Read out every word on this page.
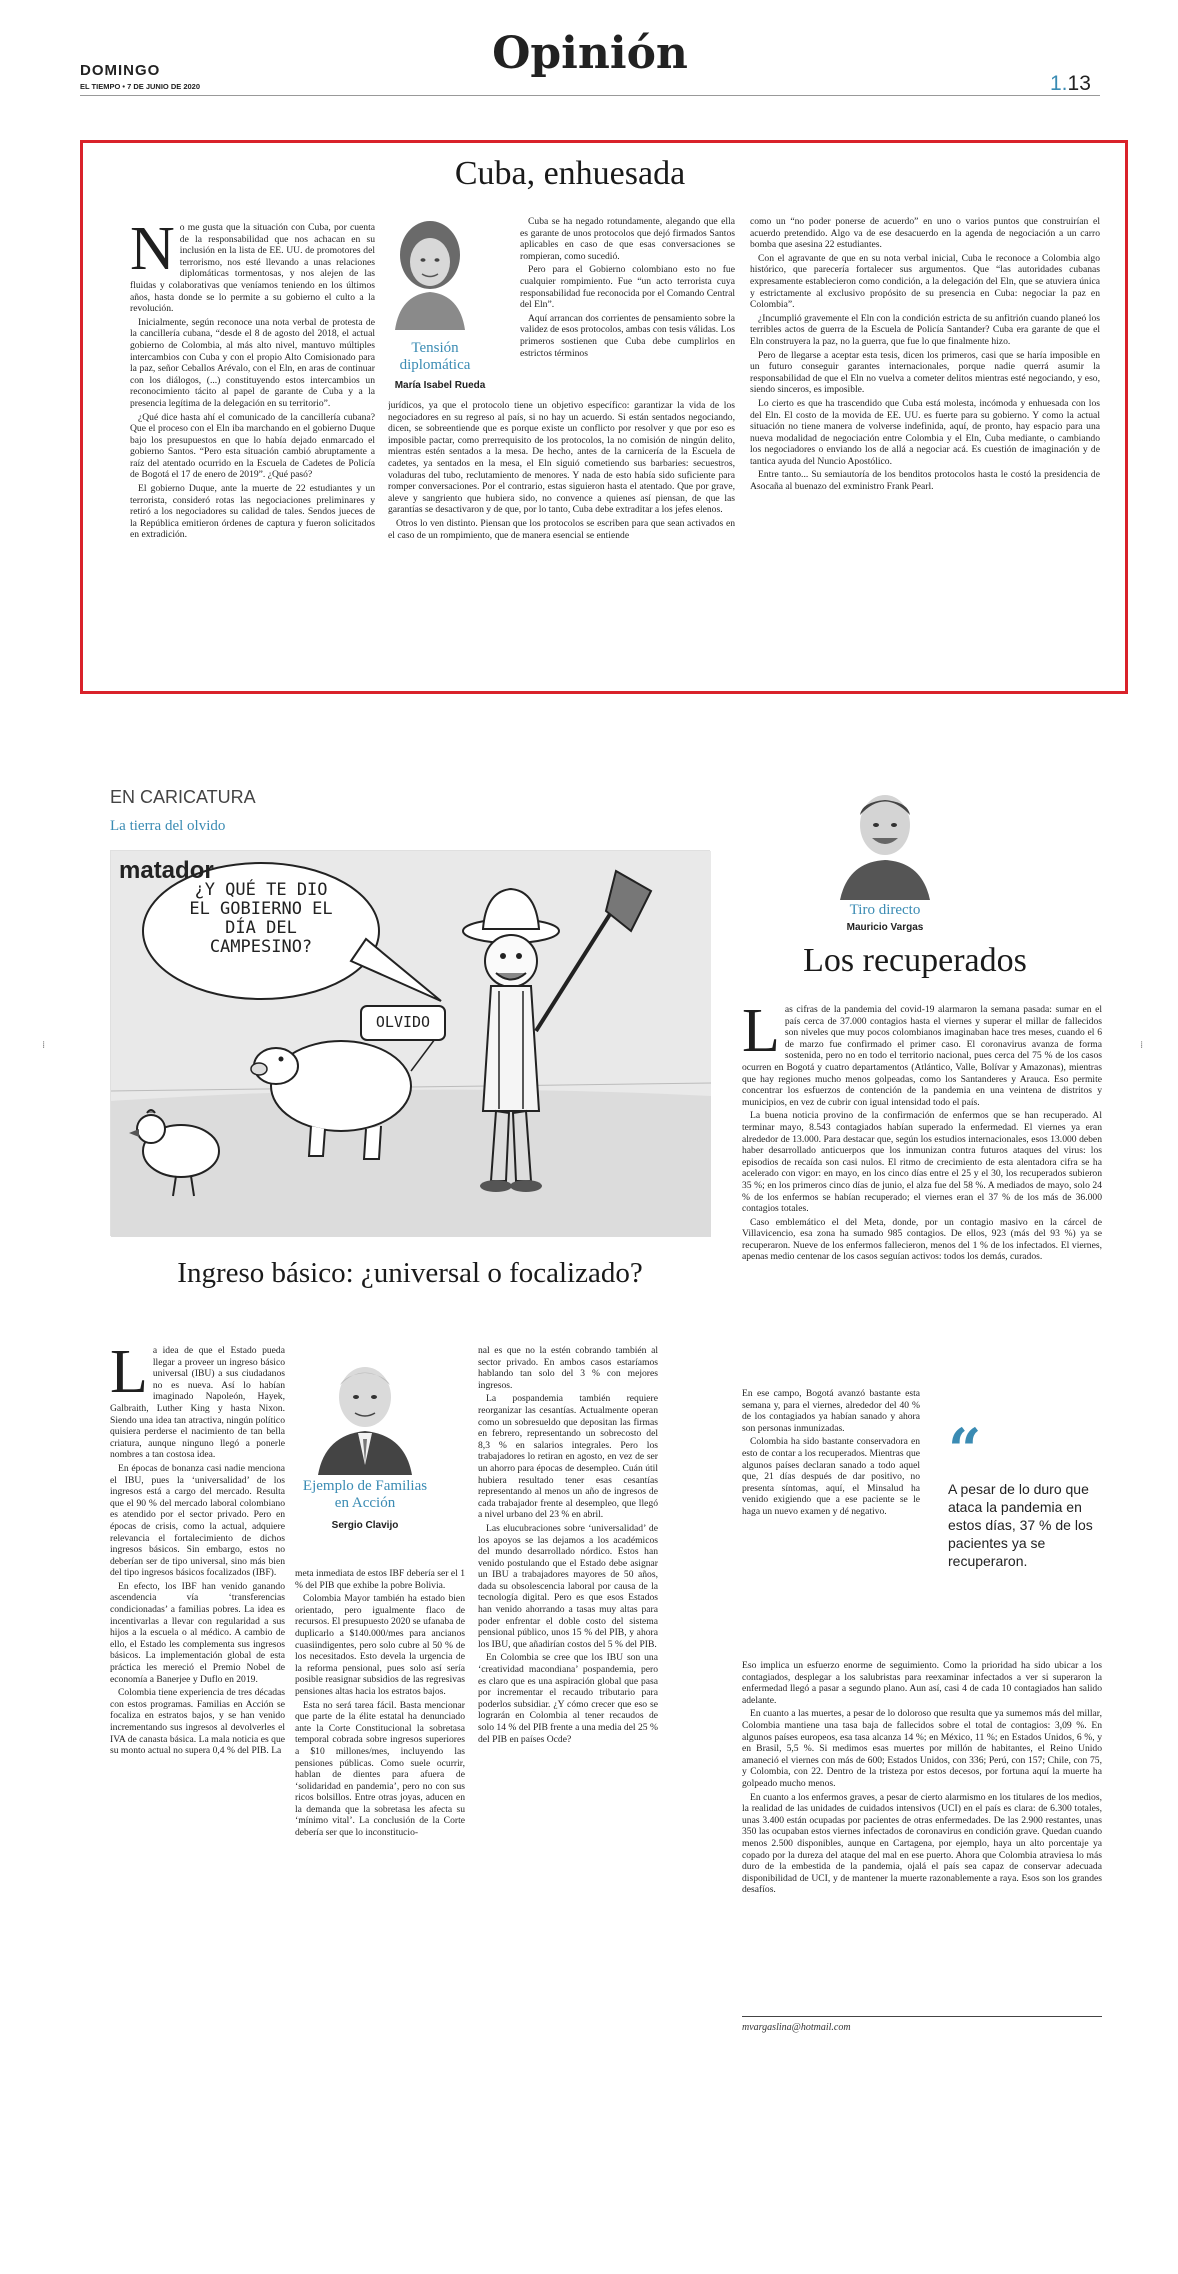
DOMINGO
EL TIEMPO • 7 DE JUNIO DE 2020
Opinión
1.13
Cuba, enhuesada
Tensión diplomática
María Isabel Rueda
N o me gusta que la situación con Cuba, por cuenta de la responsabilidad que nos achacan en su inclusión en la lista de EE. UU. de promotores del terrorismo, nos esté llevando a unas relaciones diplomáticas tormentosas, y nos alejen de las fluidas y colaborativas que veníamos teniendo en los últimos años, hasta donde se lo permite a su gobierno el culto a la revolución.

Inicialmente, según reconoce una nota verbal de protesta de la cancillería cubana, “desde el 8 de agosto del 2018, el actual gobierno de Colombia, al más alto nivel, mantuvo múltiples intercambios con Cuba y con el propio Alto Comisionado para la paz, señor Ceballos Arévalo, con el Eln, en aras de continuar con los diálogos, (...) constituyendo estos intercambios un reconocimiento tácito al papel de garante de Cuba y a la presencia legítima de la delegación en su territorio”.

¿Qué dice hasta ahí el comunicado de la cancillería cubana? Que el proceso con el Eln iba marchando en el gobierno Duque bajo los presupuestos en que lo había dejado enmarcado el gobierno Santos. “Pero esta situación cambió abruptamente a raíz del atentado ocurrido en la Escuela de Cadetes de Policía de Bogotá el 17 de enero de 2019”. ¿Qué pasó?

El gobierno Duque, ante la muerte de 22 estudiantes y un terrorista, consideró rotas las negociaciones preliminares y retiró a los negociadores su calidad de tales. Sendos jueces de la República emitieron órdenes de captura y fueron solicitados en extradición.

Cuba se ha negado rotundamente, alegando que ella es garante de unos protocolos que dejó firmados Santos aplicables en caso de que esas conversaciones se rompieran, como sucedió.

Pero para el Gobierno colombiano esto no fue cualquier rompimiento. Fue “un acto terrorista cuya responsabilidad fue reconocida por el Comando Central del Eln”.

Aquí arrancan dos corrientes de pensamiento sobre la validez de esos protocolos, ambas con tesis válidas. Los primeros sostienen que Cuba debe cumplirlos en estrictos términos

jurídicos, ya que el protocolo tiene un objetivo específico: garantizar la vida de los negociadores en su regreso al país, si no hay un acuerdo. Si están sentados negociando, dicen, se sobreentiende que es porque existe un conflicto por resolver y que por eso es imposible pactar, como prerrequisito de los protocolos, la no comisión de ningún delito, mientras estén sentados a la mesa. De hecho, antes de la carnicería de la Escuela de cadetes, ya sentados en la mesa, el Eln siguió cometiendo sus barbaries: secuestros, voladuras del tubo, reclutamiento de menores. Y nada de esto había sido suficiente para romper conversaciones. Por el contrario, estas siguieron hasta el atentado. Que por grave, aleve y sangriento que hubiera sido, no convence a quienes así piensan, de que las garantías se desactivaron y de que, por lo tanto, Cuba debe extraditar a los jefes elenos.

Otros lo ven distinto. Piensan que los protocolos se escriben para que sean activados en el caso de un rompimiento, que de manera esencial se entiende

como un “no poder ponerse de acuerdo” en uno o varios puntos que construirían el acuerdo pretendido. Algo va de ese desacuerdo en la agenda de negociación a un carro bomba que asesina 22 estudiantes.

Con el agravante de que en su nota verbal inicial, Cuba le reconoce a Colombia algo histórico, que parecería fortalecer sus argumentos. Que “las autoridades cubanas expresamente establecieron como condición, a la delegación del Eln, que se atuviera única y estrictamente al exclusivo propósito de su presencia en Cuba: negociar la paz en Colombia”.

¿Incumplió gravemente el Eln con la condición estricta de su anfitrión cuando planeó los terribles actos de guerra de la Escuela de Policía Santander? Cuba era garante de que el Eln construyera la paz, no la guerra, que fue lo que finalmente hizo.

Pero de llegarse a aceptar esta tesis, dicen los primeros, casi que se haría imposible en un futuro conseguir garantes internacionales, porque nadie querrá asumir la responsabilidad de que el Eln no vuelva a cometer delitos mientras esté negociando, y eso, siendo sinceros, es imposible.

Lo cierto es que ha trascendido que Cuba está molesta, incómoda y enhuesada con los del Eln. El costo de la movida de EE. UU. es fuerte para su gobierno. Y como la actual situación no tiene manera de volverse indefinida, aquí, de pronto, hay espacio para una nueva modalidad de negociación entre Colombia y el Eln, Cuba mediante, o cambiando los negociadores o enviando los de allá a negociar acá. Es cuestión de imaginación y de tantica ayuda del Nuncio Apostólico.

Entre tanto... Su semiautoría de los benditos protocolos hasta le costó la presidencia de Asocaña al buenazo del exministro Frank Pearl.

EN CARICATURA
La tierra del olvido
matador
¿Y QUÉ TE DIO EL GOBIERNO EL DÍA DEL CAMPESINO?
OLVIDO
Ingreso básico: ¿universal o focalizado?
Ejemplo de Familias en Acción
Sergio Clavijo
L a idea de que el Estado pueda llegar a proveer un ingreso básico universal (IBU) a sus ciudadanos no es nueva. Así lo habían imaginado Napoleón, Hayek, Galbraith, Luther King y hasta Nixon. Siendo una idea tan atractiva, ningún político quisiera perderse el nacimiento de tan bella criatura, aunque ninguno llegó a ponerle nombres a tan costosa idea.

En épocas de bonanza casi nadie menciona el IBU, pues la ‘universalidad’ de los ingresos está a cargo del mercado. Resulta que el 90 % del mercado laboral colombiano es atendido por el sector privado. Pero en épocas de crisis, como la actual, adquiere relevancia el fortalecimiento de dichos ingresos básicos. Sin embargo, estos no deberían ser de tipo universal, sino más bien del tipo ingresos básicos focalizados (IBF).

En efecto, los IBF han venido ganando ascendencia vía ‘transferencias condicionadas’ a familias pobres. La idea es incentivarlas a llevar con regularidad a sus hijos a la escuela o al médico. A cambio de ello, el Estado les complementa sus ingresos básicos. La implementación global de esta práctica les mereció el Premio Nobel de economía a Banerjee y Duflo en 2019.

Colombia tiene experiencia de tres décadas con estos programas. Familias en Acción se focaliza en estratos bajos, y se han venido incrementando sus ingresos al devolverles el IVA de canasta básica. La mala noticia es que su monto actual no supera 0,4 % del PIB. La

meta inmediata de estos IBF debería ser el 1 % del PIB que exhibe la pobre Bolivia.

Colombia Mayor también ha estado bien orientado, pero igualmente flaco de recursos. El presupuesto 2020 se ufanaba de duplicarlo a $140.000/mes para ancianos cuasiindigentes, pero solo cubre al 50 % de los necesitados. Esto devela la urgencia de la reforma pensional, pues solo así sería posible reasignar subsidios de las regresivas pensiones altas hacia los estratos bajos.

Esta no será tarea fácil. Basta mencionar que parte de la élite estatal ha denunciado ante la Corte Constitucional la sobretasa temporal cobrada sobre ingresos superiores a $10 millones/mes, incluyendo las pensiones públicas. Como suele ocurrir, hablan de dientes para afuera de ‘solidaridad en pandemia’, pero no con sus ricos bolsillos. Entre otras joyas, aducen en la demanda que la sobretasa les afecta su ‘mínimo vital’. La conclusión de la Corte debería ser que lo inconstitucio-

nal es que no la estén cobrando también al sector privado. En ambos casos estaríamos hablando tan solo del 3 % con mejores ingresos.

La pospandemia también requiere reorganizar las cesantías. Actualmente operan como un sobresueldo que depositan las firmas en febrero, representando un sobrecosto del 8,3 % en salarios integrales. Pero los trabajadores lo retiran en agosto, en vez de ser un ahorro para épocas de desempleo. Cuán útil hubiera resultado tener esas cesantías representando al menos un año de ingresos de cada trabajador frente al desempleo, que llegó a nivel urbano del 23 % en abril.

Las elucubraciones sobre ‘universalidad’ de los apoyos se las dejamos a los académicos del mundo desarrollado nórdico. Estos han venido postulando que el Estado debe asignar un IBU a trabajadores mayores de 50 años, dada su obsolescencia laboral por causa de la tecnología digital. Pero es que esos Estados han venido ahorrando a tasas muy altas para poder enfrentar el doble costo del sistema pensional público, unos 15 % del PIB, y ahora los IBU, que añadirían costos del 5 % del PIB.

En Colombia se cree que los IBU son una ‘creatividad macondiana’ pospandemia, pero es claro que es una aspiración global que pasa por incrementar el recaudo tributario para poderlos subsidiar. ¿Y cómo crecer que eso se lograrán en Colombia al tener recaudos de solo 14 % del PIB frente a una media del 25 % del PIB en países Ocde?

Tiro directo
Mauricio Vargas
Los recuperados
L as cifras de la pandemia del covid-19 alarmaron la semana pasada: sumar en el país cerca de 37.000 contagios hasta el viernes y superar el millar de fallecidos son niveles que muy pocos colombianos imaginaban hace tres meses, cuando el 6 de marzo fue confirmado el primer caso. El coronavirus avanza de forma sostenida, pero no en todo el territorio nacional, pues cerca del 75 % de los casos ocurren en Bogotá y cuatro departamentos (Atlántico, Valle, Bolívar y Amazonas), mientras que hay regiones mucho menos golpeadas, como los Santanderes y Arauca. Eso permite concentrar los esfuerzos de contención de la pandemia en una veintena de distritos y municipios, en vez de cubrir con igual intensidad todo el país.

La buena noticia provino de la confirmación de enfermos que se han recuperado. Al terminar mayo, 8.543 contagiados habían superado la enfermedad. El viernes ya eran alrededor de 13.000. Para destacar que, según los estudios internacionales, esos 13.000 deben haber desarrollado anticuerpos que los inmunizan contra futuros ataques del virus: los episodios de recaída son casi nulos. El ritmo de crecimiento de esta alentadora cifra se ha acelerado con vigor: en mayo, en los cinco días entre el 25 y el 30, los recuperados subieron 35 %; en los primeros cinco días de junio, el alza fue del 58 %. A mediados de mayo, solo 24 % de los enfermos se habían recuperado; el viernes eran el 37 % de los más de 36.000 contagios totales.

Caso emblemático el del Meta, donde, por un contagio masivo en la cárcel de Villavicencio, esa zona ha sumado 985 contagios. De ellos, 923 (más del 93 %) ya se recuperaron. Nueve de los enfermos fallecieron, menos del 1 % de los infectados. El viernes, apenas medio centenar de los casos seguían activos: todos los demás, curados.

En ese campo, Bogotá avanzó bastante esta semana y, para el viernes, alrededor del 40 % de los contagiados ya habían sanado y ahora son personas inmunizadas.

Colombia ha sido bastante conservadora en esto de contar a los recuperados. Mientras que algunos países declaran sanado a todo aquel que, 21 días después de dar positivo, no presenta síntomas, aquí, el Minsalud ha venido exigiendo que a ese paciente se le haga un nuevo examen y dé negativo.

“
A pesar de lo duro que ataca la pandemia en estos días, 37 % de los pacientes ya se recuperaron.

Eso implica un esfuerzo enorme de seguimiento. Como la prioridad ha sido ubicar a los contagiados, desplegar a los salubristas para reexaminar infectados a ver si superaron la enfermedad llegó a pasar a segundo plano. Aun así, casi 4 de cada 10 contagiados han salido adelante.

En cuanto a las muertes, a pesar de lo doloroso que resulta que ya sumemos más del millar, Colombia mantiene una tasa baja de fallecidos sobre el total de contagios: 3,09 %. En algunos países europeos, esa tasa alcanza 14 %; en México, 11 %; en Estados Unidos, 6 %, y en Brasil, 5,5 %. Si medimos esas muertes por millón de habitantes, el Reino Unido amaneció el viernes con más de 600; Estados Unidos, con 336; Perú, con 157; Chile, con 75, y Colombia, con 22. Dentro de la tristeza por estos decesos, por fortuna aquí la muerte ha golpeado mucho menos.

En cuanto a los enfermos graves, a pesar de cierto alarmismo en los titulares de los medios, la realidad de las unidades de cuidados intensivos (UCI) en el país es clara: de 6.300 totales, unas 3.400 están ocupadas por pacientes de otras enfermedades. De las 2.900 restantes, unas 350 las ocupaban estos viernes infectados de coronavirus en condición grave. Quedan cuando menos 2.500 disponibles, aunque en Cartagena, por ejemplo, haya un alto porcentaje ya copado por la dureza del ataque del mal en ese puerto. Ahora que Colombia atraviesa lo más duro de la embestida de la pandemia, ojalá el país sea capaz de conservar adecuada disponibilidad de UCI, y de mantener la muerte razonablemente a raya. Esos son los grandes desafíos.

mvargaslina@hotmail.com
⁞	⁞
